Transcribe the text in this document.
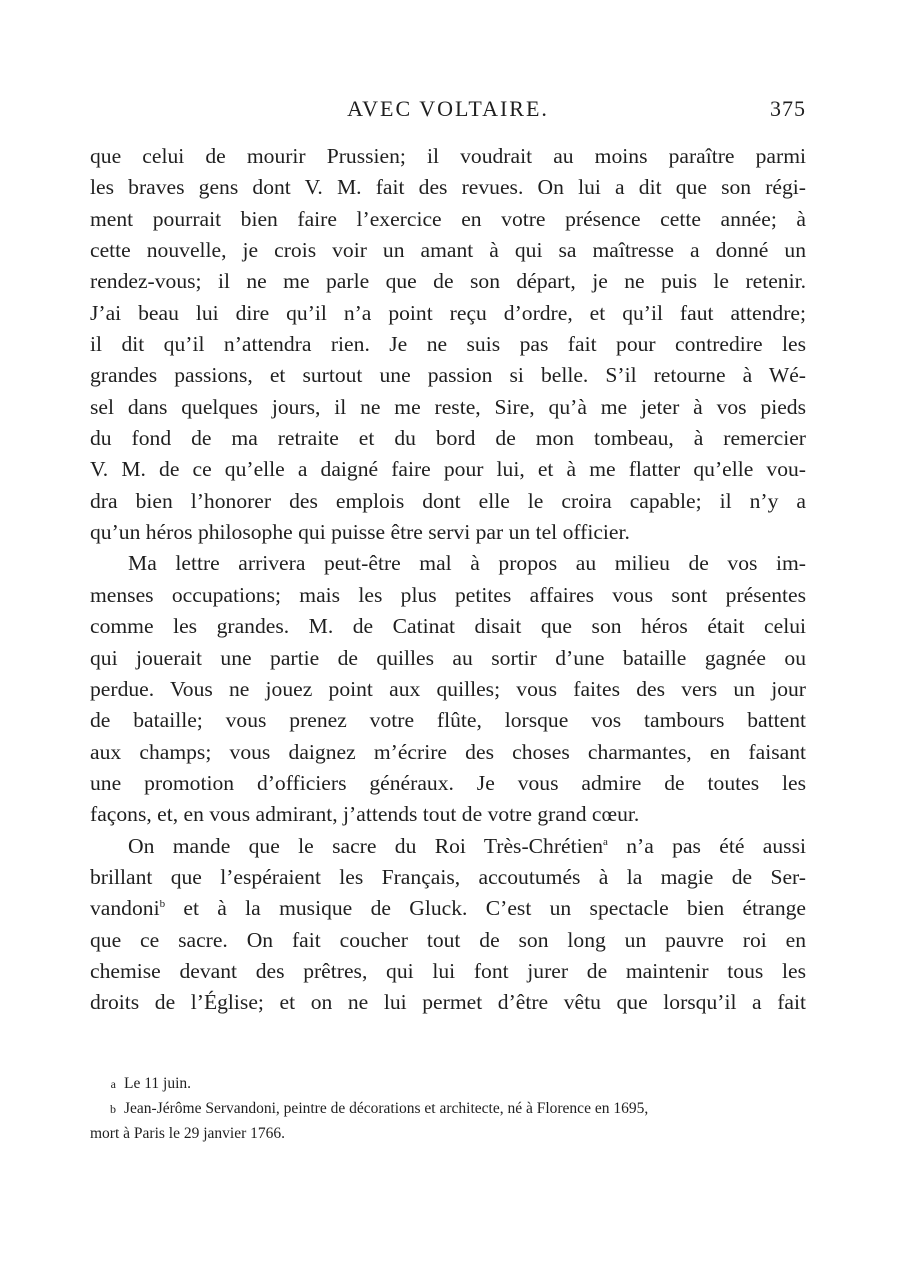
AVEC VOLTAIRE.	375
que celui de mourir Prussien; il voudrait au moins paraître parmi
les braves gens dont V. M. fait des revues. On lui a dit que son régi-
ment pourrait bien faire l’exercice en votre présence cette année; à
cette nouvelle, je crois voir un amant à qui sa maîtresse a donné un
rendez-vous; il ne me parle que de son départ, je ne puis le retenir.
J’ai beau lui dire qu’il n’a point reçu d’ordre, et qu’il faut attendre;
il dit qu’il n’attendra rien. Je ne suis pas fait pour contredire les
grandes passions, et surtout une passion si belle. S’il retourne à Wé-
sel dans quelques jours, il ne me reste, Sire, qu’à me jeter à vos pieds
du fond de ma retraite et du bord de mon tombeau, à remercier
V. M. de ce qu’elle a daigné faire pour lui, et à me flatter qu’elle vou-
dra bien l’honorer des emplois dont elle le croira capable; il n’y a
qu’un héros philosophe qui puisse être servi par un tel officier.
Ma lettre arrivera peut-être mal à propos au milieu de vos im-
menses occupations; mais les plus petites affaires vous sont présentes
comme les grandes. M. de Catinat disait que son héros était celui
qui jouerait une partie de quilles au sortir d’une bataille gagnée ou
perdue. Vous ne jouez point aux quilles; vous faites des vers un jour
de bataille; vous prenez votre flûte, lorsque vos tambours battent
aux champs; vous daignez m’écrire des choses charmantes, en faisant
une promotion d’officiers généraux. Je vous admire de toutes les
façons, et, en vous admirant, j’attends tout de votre grand cœur.
On mande que le sacre du Roi Très-Chrétien$^a$ n’a pas été aussi
brillant que l’espéraient les Français, accoutumés à la magie de Ser-
vandoni$^b$ et à la musique de Gluck. C’est un spectacle bien étrange
que ce sacre. On fait coucher tout de son long un pauvre roi en
chemise devant des prêtres, qui lui font jurer de maintenir tous les
droits de l’Église; et on ne lui permet d’être vêtu que lorsqu’il a fait
a Le 11 juin.
b Jean-Jérôme Servandoni, peintre de décorations et architecte, né à Florence en 1695,
mort à Paris le 29 janvier 1766.
